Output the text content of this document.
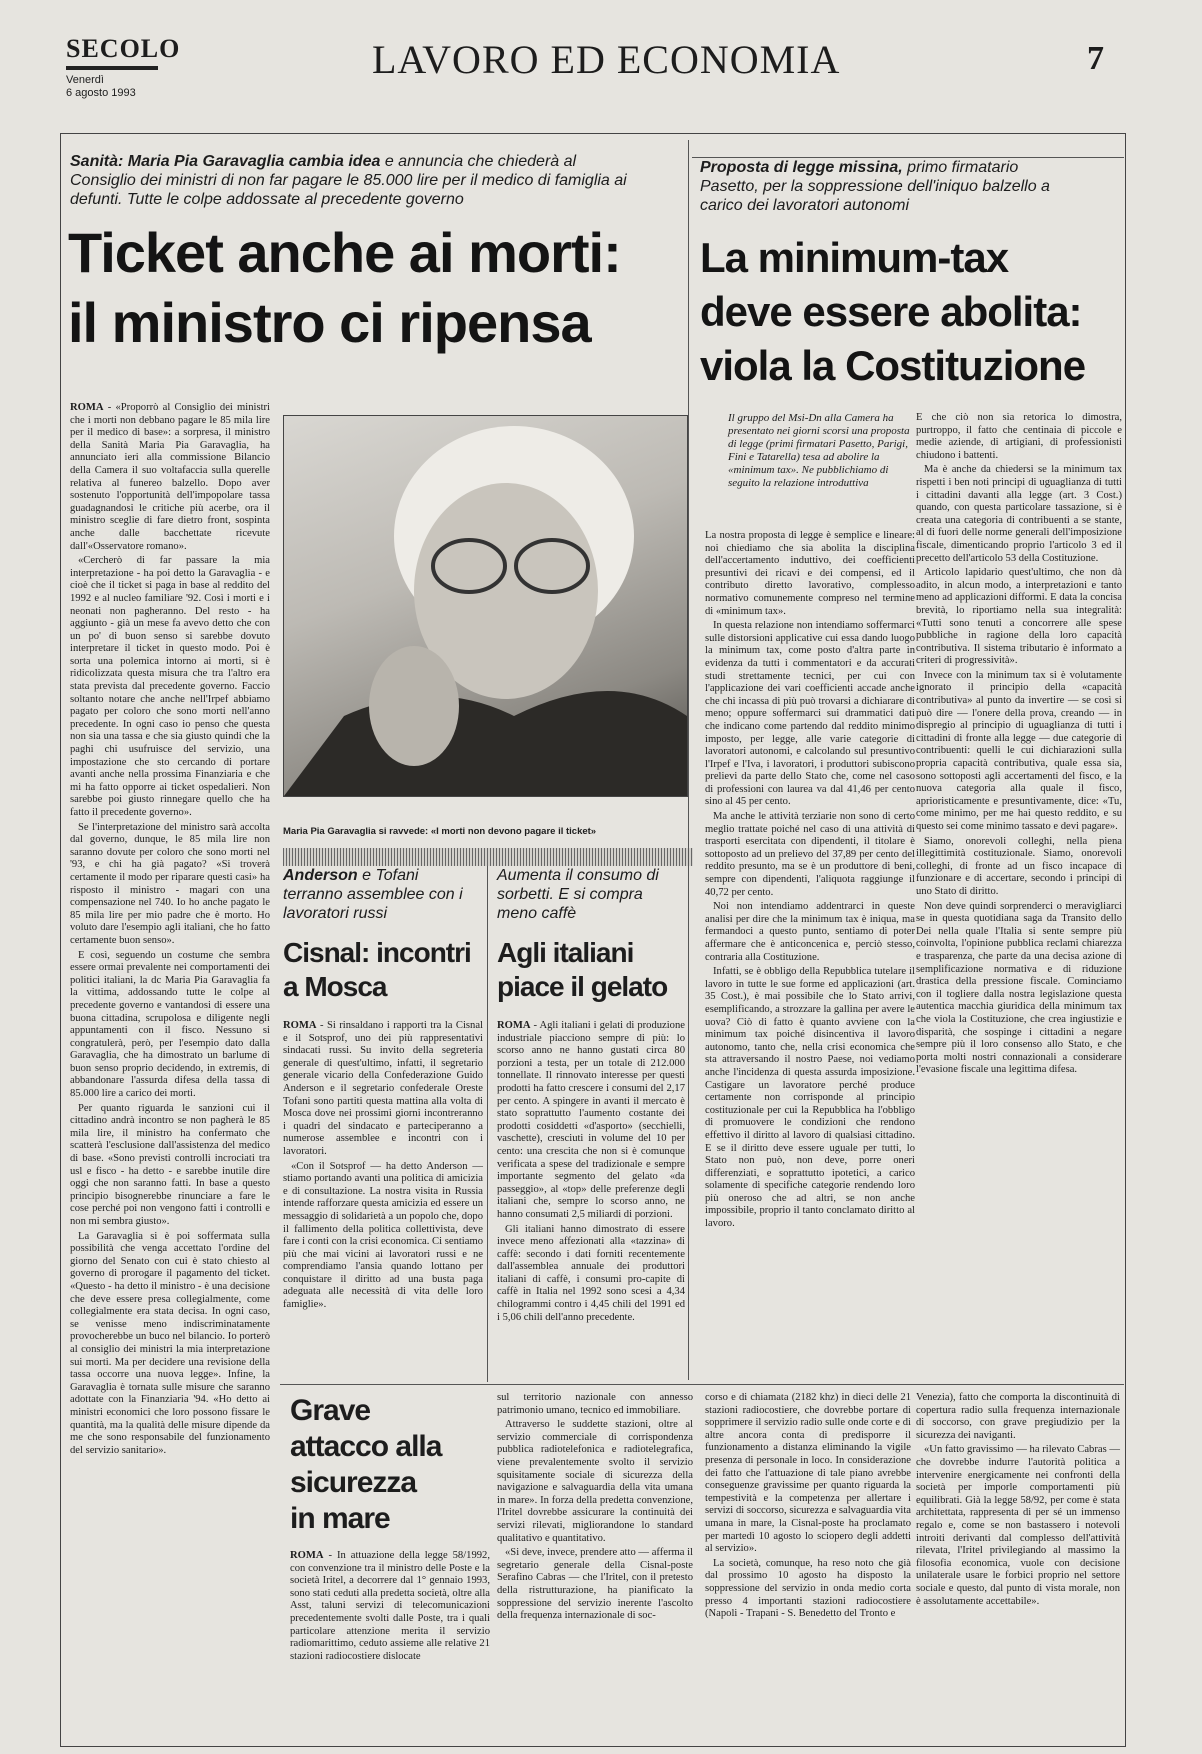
SECOLO
Venerdì
6 agosto 1993
LAVORO ED ECONOMIA	7
Sanità: Maria Pia Garavaglia cambia idea e annuncia che chiederà al Consiglio dei ministri di non far pagare le 85.000 lire per il medico di famiglia ai defunti. Tutte le colpe addossate al precedente governo
Ticket anche ai morti:
il ministro ci ripensa

ROMA - «Proporrò al Consiglio dei ministri che i morti non debbano pagare le 85 mila lire per il medico di base»: a sorpresa, il ministro della Sanità Maria Pia Garavaglia, ha annunciato ieri alla commissione Bilancio della Camera il suo voltafaccia sulla querelle relativa al funereo balzello. Dopo aver sostenuto l'opportunità dell'impopolare tassa guadagnandosi le critiche più acerbe, ora il ministro sceglie di fare dietro front, sospinta anche dalle bacchettate ricevute dall'«Osservatore romano».

«Cercherò di far passare la mia interpretazione - ha poi detto la Garavaglia - e cioè che il ticket si paga in base al reddito del 1992 e al nucleo familiare '92. Così i morti e i neonati non pagheranno. Del resto - ha aggiunto - già un mese fa avevo detto che con un po' di buon senso si sarebbe dovuto interpretare il ticket in questo modo. Poi è sorta una polemica intorno ai morti, si è ridicolizzata questa misura che tra l'altro era stata prevista dal precedente governo. Faccio soltanto notare che anche nell'Irpef abbiamo pagato per coloro che sono morti nell'anno precedente. In ogni caso io penso che questa non sia una tassa e che sia giusto quindi che la paghi chi usufruisce del servizio, una impostazione che sto cercando di portare avanti anche nella prossima Finanziaria e che mi ha fatto opporre ai ticket ospedalieri. Non sarebbe poi giusto rinnegare quello che ha fatto il precedente governo».

Se l'interpretazione del ministro sarà accolta dal governo, dunque, le 85 mila lire non saranno dovute per coloro che sono morti nel '93, e chi ha già pagato? «Si troverà certamente il modo per riparare questi casi» ha risposto il ministro - magari con una compensazione nel 740. Io ho anche pagato le 85 mila lire per mio padre che è morto. Ho voluto dare l'esempio agli italiani, che ho fatto certamente buon senso».

E così, seguendo un costume che sembra essere ormai prevalente nei comportamenti dei politici italiani, la dc Maria Pia Garavaglia fa la vittima, addossando tutte le colpe al precedente governo e vantandosi di essere una buona cittadina, scrupolosa e diligente negli appuntamenti con il fisco. Nessuno si congratulerà, però, per l'esempio dato dalla Garavaglia, che ha dimostrato un barlume di buon senso proprio decidendo, in extremis, di abbandonare l'assurda difesa della tassa di 85.000 lire a carico dei morti.

Per quanto riguarda le sanzioni cui il cittadino andrà incontro se non pagherà le 85 mila lire, il ministro ha confermato che scatterà l'esclusione dall'assistenza del medico di base. «Sono previsti controlli incrociati tra usl e fisco - ha detto - e sarebbe inutile dire oggi che non saranno fatti. In base a questo principio bisognerebbe rinunciare a fare le cose perché poi non vengono fatti i controlli e non mi sembra giusto».

La Garavaglia si è poi soffermata sulla possibilità che venga accettato l'ordine del giorno del Senato con cui è stato chiesto al governo di prorogare il pagamento del ticket. «Questo - ha detto il ministro - è una decisione che deve essere presa collegialmente, come collegialmente era stata decisa. In ogni caso, se venisse meno indiscriminatamente provocherebbe un buco nel bilancio. Io porterò al consiglio dei ministri la mia interpretazione sui morti. Ma per decidere una revisione della tassa occorre una nuova legge». Infine, la Garavaglia è tornata sulle misure che saranno adottate con la Finanziaria '94. «Ho detto ai ministri economici che loro possono fissare le quantità, ma la qualità delle misure dipende da me che sono responsabile del funzionamento del servizio sanitario».

Maria Pia Garavaglia si ravvede: «I morti non devono pagare il ticket»
Proposta di legge missina, primo firmatario Pasetto, per la soppressione dell'iniquo balzello a carico dei lavoratori autonomi
La minimum-tax
deve essere abolita:
viola la Costituzione
Il gruppo del Msi-Dn alla Camera ha presentato nei giorni scorsi una proposta di legge (primi firmatari Pasetto, Parigi, Fini e Tatarella) tesa ad abolire la «minimum tax». Ne pubblichiamo di seguito la relazione introduttiva

La nostra proposta di legge è semplice e lineare: noi chiediamo che sia abolita la disciplina dell'accertamento induttivo, dei coefficienti presuntivi dei ricavi e dei compensi, ed il contributo diretto lavorativo, complesso normativo comunemente compreso nel termine di «minimum tax».

In questa relazione non intendiamo soffermarci sulle distorsioni applicative cui essa dando luogo la minimum tax, come posto d'altra parte in evidenza da tutti i commentatori e da accurati studi strettamente tecnici, per cui con l'applicazione dei vari coefficienti accade anche che chi incassa di più può trovarsi a dichiarare di meno; oppure soffermarci sui drammatici dati che indicano come partendo dal reddito minimo imposto, per legge, alle varie categorie di lavoratori autonomi, e calcolando sul presuntivo l'Irpef e l'Iva, i lavoratori, i produttori subiscono prelievi da parte dello Stato che, come nel caso di professioni con laurea va dal 41,46 per cento sino al 45 per cento.

Ma anche le attività terziarie non sono di certo meglio trattate poiché nel caso di una attività di trasporti esercitata con dipendenti, il titolare è sottoposto ad un prelievo del 37,89 per cento del reddito presunto, ma se è un produttore di beni, sempre con dipendenti, l'aliquota raggiunge il 40,72 per cento.

Noi non intendiamo addentrarci in queste analisi per dire che la minimum tax è iniqua, ma fermandoci a questo punto, sentiamo di poter affermare che è anticoncenica e, perciò stesso, contraria alla Costituzione.

Infatti, se è obbligo della Repubblica tutelare il lavoro in tutte le sue forme ed applicazioni (art. 35 Cost.), è mai possibile che lo Stato arrivi, esemplificando, a strozzare la gallina per avere le uova? Ciò di fatto è quanto avviene con la minimum tax poiché disincentiva il lavoro autonomo, tanto che, nella crisi economica che sta attraversando il nostro Paese, noi vediamo anche l'incidenza di questa assurda imposizione. Castigare un lavoratore perché produce certamente non corrisponde al principio costituzionale per cui la Repubblica ha l'obbligo di promuovere le condizioni che rendono effettivo il diritto al lavoro di qualsiasi cittadino. E se il diritto deve essere uguale per tutti, lo Stato non può, non deve, porre oneri differenziati, e soprattutto ipotetici, a carico solamente di specifiche categorie rendendo loro più oneroso che ad altri, se non anche impossibile, proprio il tanto conclamato diritto al lavoro.

E che ciò non sia retorica lo dimostra, purtroppo, il fatto che centinaia di piccole e medie aziende, di artigiani, di professionisti chiudono i battenti.

Ma è anche da chiedersi se la minimum tax rispetti i ben noti principi di uguaglianza di tutti i cittadini davanti alla legge (art. 3 Cost.) quando, con questa particolare tassazione, si è creata una categoria di contribuenti a se stante, al di fuori delle norme generali dell'imposizione fiscale, dimenticando proprio l'articolo 3 ed il precetto dell'articolo 53 della Costituzione.

Articolo lapidario quest'ultimo, che non dà adito, in alcun modo, a interpretazioni e tanto meno ad applicazioni difformi. E data la concisa brevità, lo riportiamo nella sua integralità: «Tutti sono tenuti a concorrere alle spese pubbliche in ragione della loro capacità contributiva. Il sistema tributario è informato a criteri di progressività».

Invece con la minimum tax si è volutamente ignorato il principio della «capacità contributiva» al punto da invertire — se così si può dire — l'onere della prova, creando — in dispregio al principio di uguaglianza di tutti i cittadini di fronte alla legge — due categorie di contribuenti: quelli le cui dichiarazioni sulla propria capacità contributiva, quale essa sia, sono sottoposti agli accertamenti del fisco, e la nuova categoria alla quale il fisco, aprioristicamente e presuntivamente, dice: «Tu, come minimo, per me hai questo reddito, e su questo sei come minimo tassato e devi pagare».

Siamo, onorevoli colleghi, nella piena illegittimità costituzionale. Siamo, onorevoli colleghi, di fronte ad un fisco incapace di funzionare e di accertare, secondo i principi di uno Stato di diritto.

Non deve quindi sorprenderci o meravigliarci se in questa quotidiana saga da Transito dello Dei nella quale l'Italia si sente sempre più coinvolta, l'opinione pubblica reclami chiarezza e trasparenza, che parte da una decisa azione di semplificazione normativa e di riduzione drastica della pressione fiscale. Cominciamo con il togliere dalla nostra legislazione questa autentica macchia giuridica della minimum tax che viola la Costituzione, che crea ingiustizie e disparità, che sospinge i cittadini a negare sempre più il loro consenso allo Stato, e che porta molti nostri connazionali a considerare l'evasione fiscale una legittima difesa.

Anderson e Tofani terranno assemblee con i lavoratori russi
Cisnal: incontri
a Mosca

ROMA - Si rinsaldano i rapporti tra la Cisnal e il Sotsprof, uno dei più rappresentativi sindacati russi. Su invito della segreteria generale di quest'ultimo, infatti, il segretario generale vicario della Confederazione Guido Anderson e il segretario confederale Oreste Tofani sono partiti questa mattina alla volta di Mosca dove nei prossimi giorni incontreranno i quadri del sindacato e parteciperanno a numerose assemblee e incontri con i lavoratori.

«Con il Sotsprof — ha detto Anderson — stiamo portando avanti una politica di amicizia e di consultazione. La nostra visita in Russia intende rafforzare questa amicizia ed essere un messaggio di solidarietà a un popolo che, dopo il fallimento della politica collettivista, deve fare i conti con la crisi economica. Ci sentiamo più che mai vicini ai lavoratori russi e ne comprendiamo l'ansia quando lottano per conquistare il diritto ad una busta paga adeguata alle necessità di vita delle loro famiglie».

Aumenta il consumo di sorbetti. E si compra meno caffè
Agli italiani
piace il gelato

ROMA - Agli italiani i gelati di produzione industriale piacciono sempre di più: lo scorso anno ne hanno gustati circa 80 porzioni a testa, per un totale di 212.000 tonnellate. Il rinnovato interesse per questi prodotti ha fatto crescere i consumi del 2,17 per cento. A spingere in avanti il mercato è stato soprattutto l'aumento costante dei prodotti cosiddetti «d'asporto» (secchielli, vaschette), cresciuti in volume del 10 per cento: una crescita che non si è comunque verificata a spese del tradizionale e sempre importante segmento del gelato «da passeggio», al «top» delle preferenze degli italiani che, sempre lo scorso anno, ne hanno consumati 2,5 miliardi di porzioni.

Gli italiani hanno dimostrato di essere invece meno affezionati alla «tazzina» di caffè: secondo i dati forniti recentemente dall'assemblea annuale dei produttori italiani di caffè, i consumi pro-capite di caffè in Italia nel 1992 sono scesi a 4,34 chilogrammi contro i 4,45 chili del 1991 ed i 5,06 chili dell'anno precedente.

Grave
attacco alla
sicurezza
in mare

ROMA - In attuazione della legge 58/1992, con convenzione tra il ministro delle Poste e la società Iritel, a decorrere dal 1° gennaio 1993, sono stati ceduti alla predetta società, oltre alla Asst, taluni servizi di telecomunicazioni precedentemente svolti dalle Poste, tra i quali particolare attenzione merita il servizio radiomarittimo, ceduto assieme alle relative 21 stazioni radiocostiere dislocate

sul territorio nazionale con annesso patrimonio umano, tecnico ed immobiliare.

Attraverso le suddette stazioni, oltre al servizio commerciale di corrispondenza pubblica radiotelefonica e radiotelegrafica, viene prevalentemente svolto il servizio squisitamente sociale di sicurezza della navigazione e salvaguardia della vita umana in mare». In forza della predetta convenzione, l'Iritel dovrebbe assicurare la continuità dei servizi rilevati, migliorandone lo standard qualitativo e quantitativo.

«Si deve, invece, prendere atto — afferma il segretario generale della Cisnal-poste Serafino Cabras — che l'Iritel, con il pretesto della ristrutturazione, ha pianificato la soppressione del servizio inerente l'ascolto della frequenza internazionale di soc-

corso e di chiamata (2182 khz) in dieci delle 21 stazioni radiocostiere, che dovrebbe portare di sopprimere il servizio radio sulle onde corte e di altre ancora conta di predisporre il funzionamento a distanza eliminando la vigile presenza di personale in loco. In considerazione dei fatto che l'attuazione di tale piano avrebbe conseguenze gravissime per quanto riguarda la tempestività e la competenza per allertare i servizi di soccorso, sicurezza e salvaguardia vita umana in mare, la Cisnal-poste ha proclamato per martedì 10 agosto lo sciopero degli addetti al servizio».

La società, comunque, ha reso noto che già dal prossimo 10 agosto ha disposto la soppressione del servizio in onda medio corta presso 4 importanti stazioni radiocostiere (Napoli - Trapani - S. Benedetto del Tronto e

Venezia), fatto che comporta la discontinuità di copertura radio sulla frequenza internazionale di soccorso, con grave pregiudizio per la sicurezza dei naviganti.

«Un fatto gravissimo — ha rilevato Cabras — che dovrebbe indurre l'autorità politica a intervenire energicamente nei confronti della società per imporle comportamenti più equilibrati. Già la legge 58/92, per come è stata architettata, rappresenta di per sé un immenso regalo e, come se non bastassero i notevoli introiti derivanti dal complesso dell'attività rilevata, l'Iritel privilegiando al massimo la filosofia economica, vuole con decisione unilaterale usare le forbici proprio nel settore sociale e questo, dal punto di vista morale, non è assolutamente accettabile».
